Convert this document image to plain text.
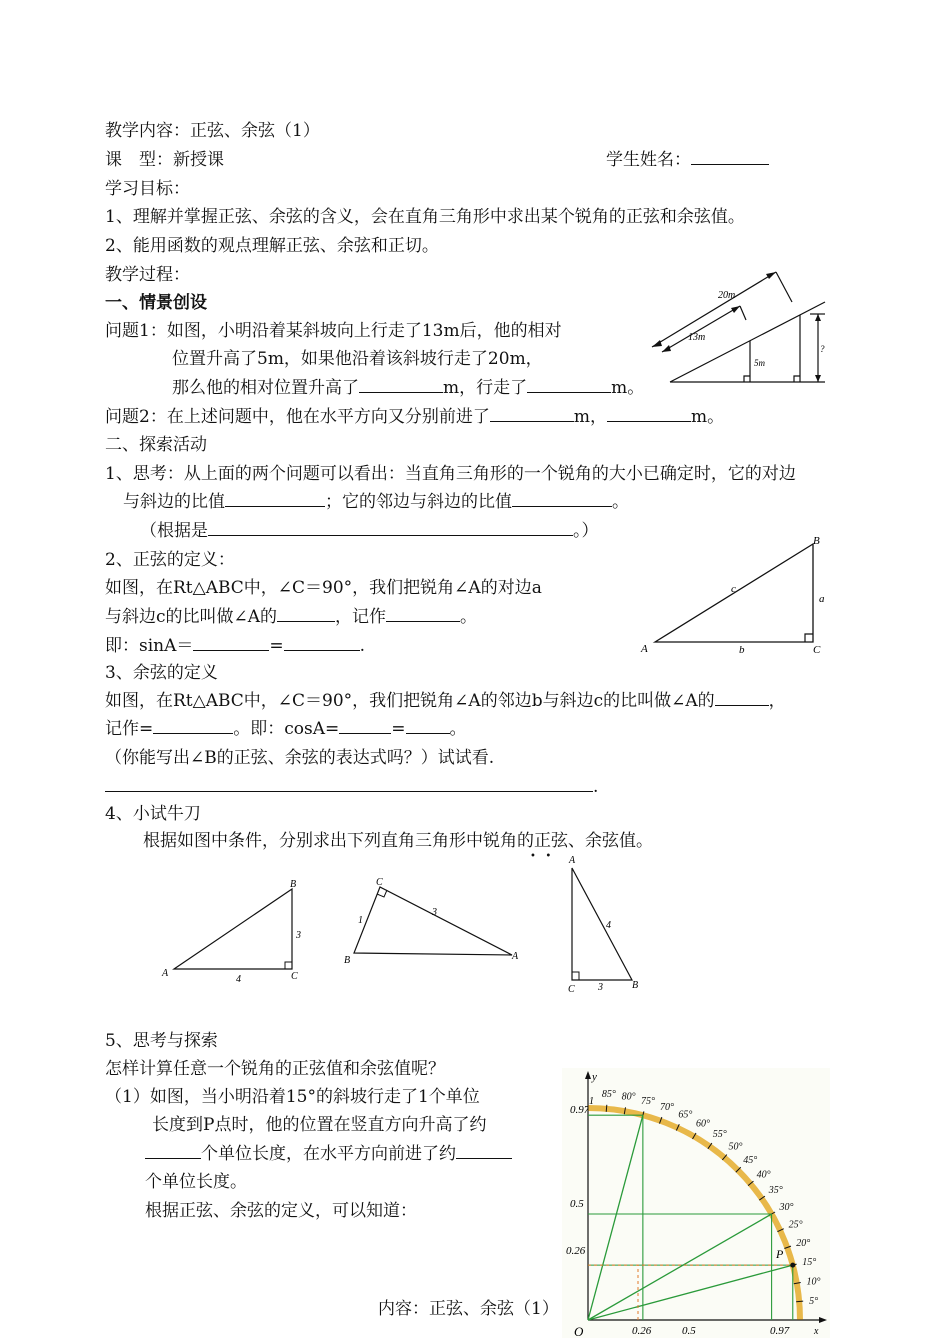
教学内容：正弦、余弦（1）
课　型：新授课	学生姓名：
学习目标：
1、理解并掌握正弦、余弦的含义，会在直角三角形中求出某个锐角的正弦和余弦值。
2、能用函数的观点理解正弦、余弦和正切。
教学过程：
一、情景创设
问题1：如图，小明沿着某斜坡向上行走了13m后，他的相对
位置升高了5m，如果他沿着该斜坡行走了20m，
那么他的相对位置升高了	m，行走了	m。
问题2：在上述问题中，他在水平方向又分别前进了	m，	m。
20m
13m
5m
?
二、探索活动
1、思考：从上面的两个问题可以看出：当直角三角形的一个锐角的大小已确定时，它的对边
与斜边的比值	；它的邻边与斜边的比值	。
（根据是	。）
2、正弦的定义：
如图，在Rt△ABC中，∠C＝90°，我们把锐角∠A的对边a
与斜边c的比叫做∠A的	，记作	。
即：sinA＝	=	.	A
B
C
a
b
c
3、余弦的定义
如图，在Rt△ABC中，∠C＝90°，我们把锐角∠A的邻边b与斜边c的比叫做∠A的	，
记作=	。即：cosA=	=	。
（你能写出∠B的正弦、余弦的表达式吗？）试试看.
.
4、小试牛刀
根据如图中条件，分别求出下列直角三角形中锐角的正弦、余弦值。
•   •
A
B
C
3
4
C
B	A
1
3
A
C	B
4
3
5、思考与探索
怎样计算任意一个锐角的正弦值和余弦值呢？
（1）如图，当小明沿着15°的斜坡行走了1个单位
长度到P点时，他的位置在竖直方向升高了约
个单位长度，在水平方向前进了约
个单位长度。
根据正弦、余弦的定义，可以知道：
y
x
O
1
0.97
0.5
0.26
0.26	0.5	0.97
85° 80° 75°
70°
65°
60°
55°
50°
45°
40°
35°
30°
25°
20°
15°
10°
5°
P
内容：正弦、余弦（1）
